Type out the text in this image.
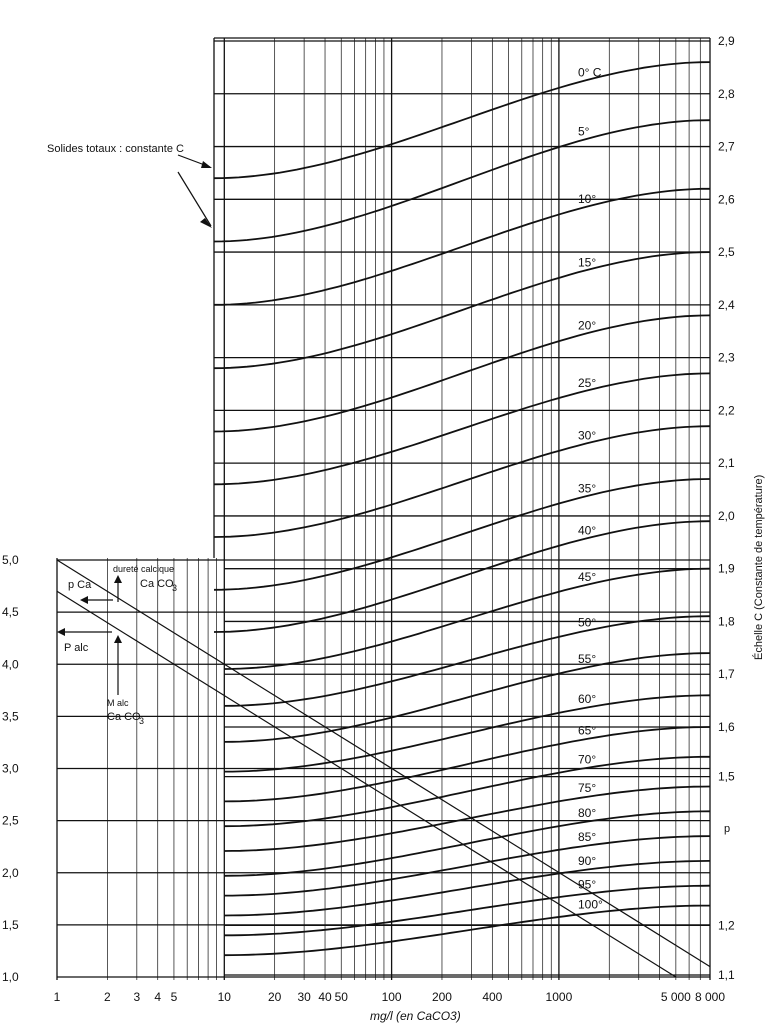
1	2 3 4 5	10	20 30 40 50	100	200	400	1000	5 000 8 000
1,0
1,5
2,0
2,5
3,0
3,5
4,0
4,5
5,0
1,1
1,2
1,5
1,6
1,7
1,8
1,9
2,0
2,1
2,2
2,3
2,4
2,5
2,6
2,7
2,8
2,9
0° C
5°
10°
15°
20°
25°
30°
35°
40°
45°
50°
55°
60°
65°
70°
75°
80°
85°
90°
95°
100°
Solides totaux : constante C
p Ca
dureté calcique
Ca CO
3
P alc
M alc
Ca CO
3
p
mg/l (en CaCO3)
Échelle C (Constante de température)
